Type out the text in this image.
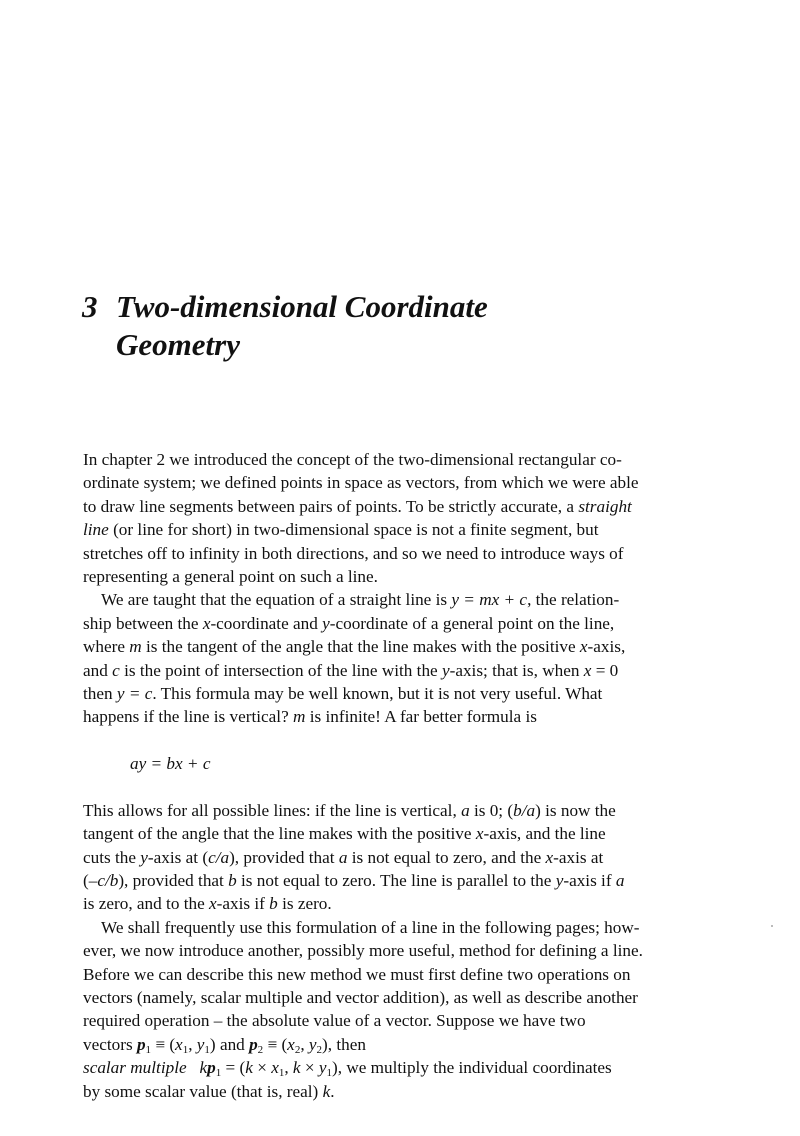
3 Two-dimensional Coordinate
Geometry
In chapter 2 we introduced the concept of the two-dimensional rectangular co-
ordinate system; we defined points in space as vectors, from which we were able
to draw line segments between pairs of points. To be strictly accurate, a straight
line (or line for short) in two-dimensional space is not a finite segment, but
stretches off to infinity in both directions, and so we need to introduce ways of
representing a general point on such a line.
We are taught that the equation of a straight line is y = mx + c, the relation-
ship between the x-coordinate and y-coordinate of a general point on the line,
where m is the tangent of the angle that the line makes with the positive x-axis,
and c is the point of intersection of the line with the y-axis; that is, when x = 0
then y = c. This formula may be well known, but it is not very useful. What
happens if the line is vertical? m is infinite! A far better formula is
ay = bx + c
This allows for all possible lines: if the line is vertical, a is 0; (b/a) is now the
tangent of the angle that the line makes with the positive x-axis, and the line
cuts the y-axis at (c/a), provided that a is not equal to zero, and the x-axis at
(–c/b), provided that b is not equal to zero. The line is parallel to the y-axis if a
is zero, and to the x-axis if b is zero.
We shall frequently use this formulation of a line in the following pages; how-
ever, we now introduce another, possibly more useful, method for defining a line.
Before we can describe this new method we must first define two operations on
vectors (namely, scalar multiple and vector addition), as well as describe another
required operation – the absolute value of a vector. Suppose we have two
vectors $p_1 \equiv (x_1$, $y_1$) and $p_2 \equiv (x_2$, $y_2$), then
scalar multiple $kp_1 = (k \times x_1$, $k \times y_1$), we multiply the individual coordinates
by some scalar value (that is, real) k.
